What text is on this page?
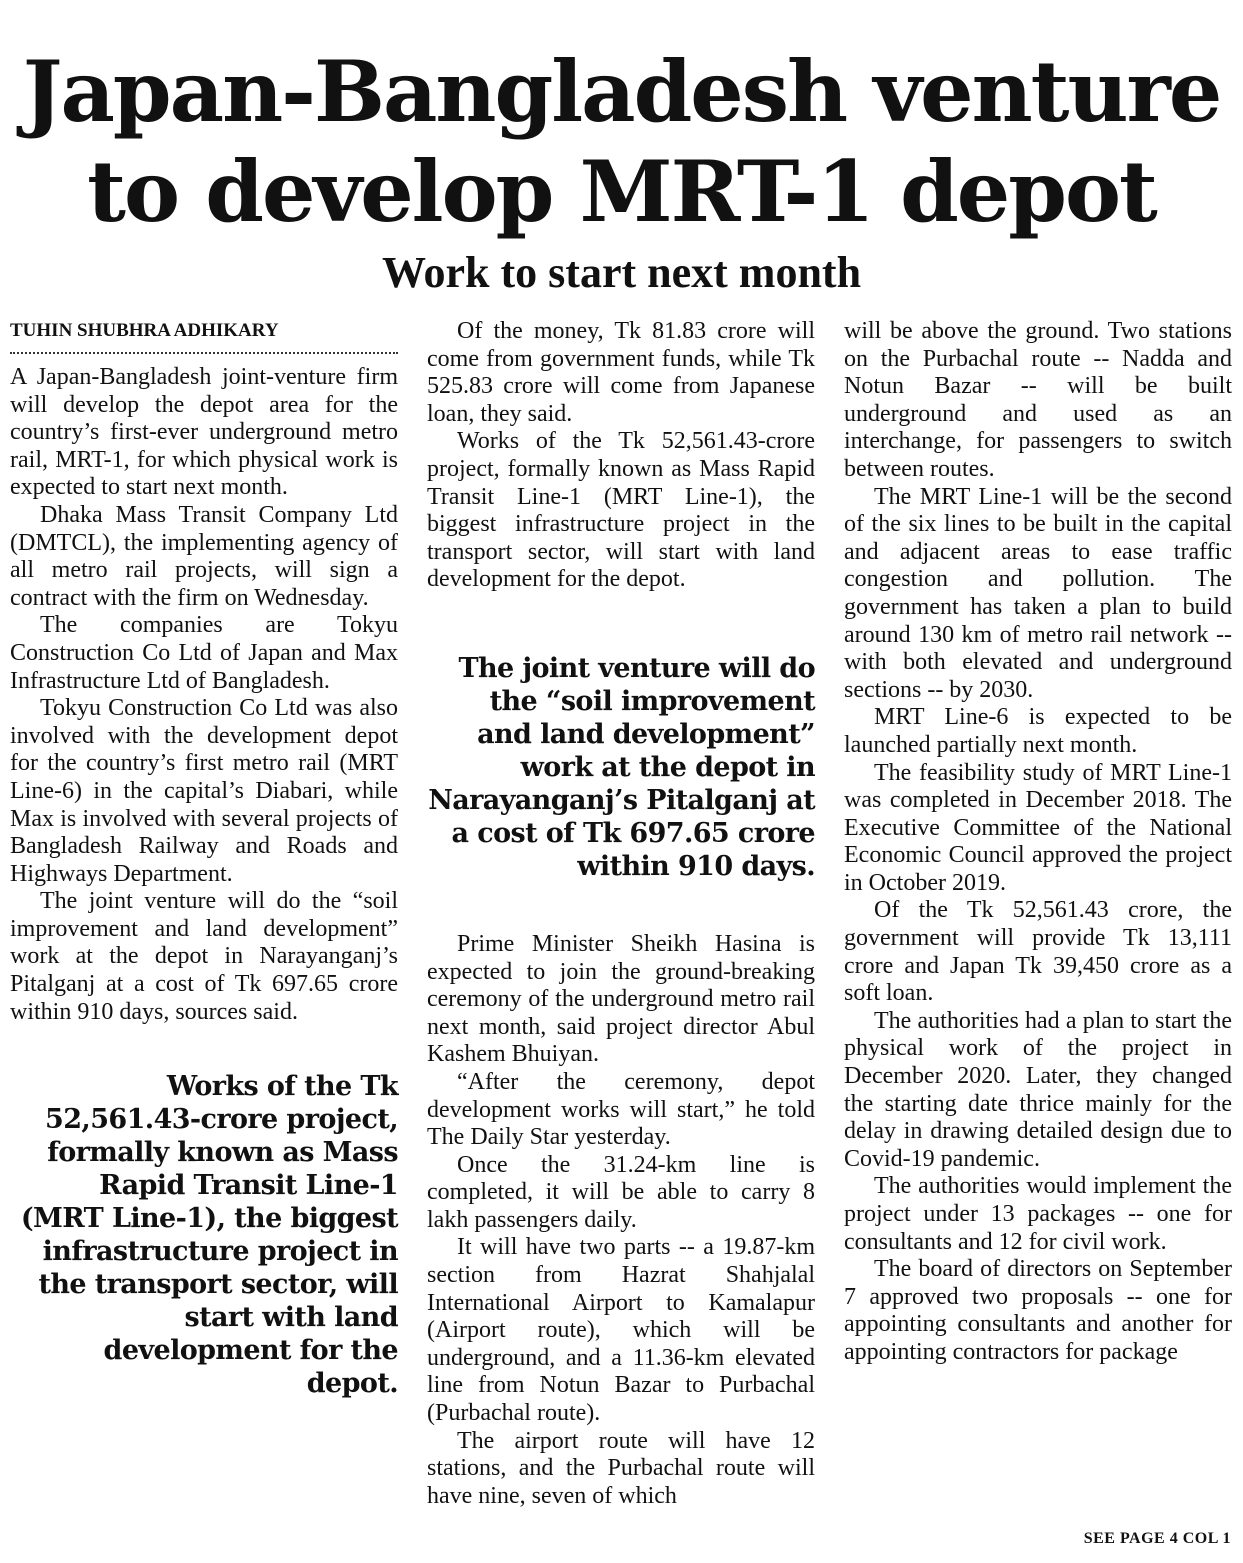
Japan-Bangladesh venture
to develop MRT-1 depot
Work to start next month
TUHIN SHUBHRA ADHIKARY

A Japan-Bangladesh joint-venture firm will develop the depot area for the country’s first-ever underground metro rail, MRT-1, for which physical work is expected to start next month.

Dhaka Mass Transit Company Ltd (DMTCL), the implementing agency of all metro rail projects, will sign a contract with the firm on Wednesday.

The companies are Tokyu Construction Co Ltd of Japan and Max Infrastructure Ltd of Bangladesh.

Tokyu Construction Co Ltd was also involved with the development depot for the country’s first metro rail (MRT Line-6) in the capital’s Diabari, while Max is involved with several projects of Bangladesh Railway and Roads and Highways Department.

The joint venture will do the “soil improvement and land development” work at the depot in Narayanganj’s Pitalganj at a cost of Tk 697.65 crore within 910 days, sources said.

Works of the Tk 52,561.43-crore project, formally known as Mass Rapid Transit Line-1 (MRT Line-1), the biggest infrastructure project in the transport sector, will start with land development for the depot.

Of the money, Tk 81.83 crore will come from government funds, while Tk 525.83 crore will come from Japanese loan, they said.

Works of the Tk 52,561.43-crore project, formally known as Mass Rapid Transit Line-1 (MRT Line-1), the biggest infrastructure project in the transport sector, will start with land development for the depot.

The joint venture will do the “soil improvement and land development” work at the depot in Narayanganj’s Pitalganj at a cost of Tk 697.65 crore within 910 days.

Prime Minister Sheikh Hasina is expected to join the ground-breaking ceremony of the underground metro rail next month, said project director Abul Kashem Bhuiyan.

“After the ceremony, depot development works will start,” he told The Daily Star yesterday.

Once the 31.24-km line is completed, it will be able to carry 8 lakh passengers daily.

It will have two parts -- a 19.87-km section from Hazrat Shahjalal International Airport to Kamalapur (Airport route), which will be underground, and a 11.36-km elevated line from Notun Bazar to Purbachal (Purbachal route).

The airport route will have 12 stations, and the Purbachal route will have nine, seven of which

will be above the ground. Two stations on the Purbachal route -- Nadda and Notun Bazar -- will be built underground and used as an interchange, for passengers to switch between routes.

The MRT Line-1 will be the second of the six lines to be built in the capital and adjacent areas to ease traffic congestion and pollution. The government has taken a plan to build around 130 km of metro rail network -- with both elevated and underground sections -- by 2030.

MRT Line-6 is expected to be launched partially next month.

The feasibility study of MRT Line-1 was completed in December 2018. The Executive Committee of the National Economic Council approved the project in October 2019.

Of the Tk 52,561.43 crore, the government will provide Tk 13,111 crore and Japan Tk 39,450 crore as a soft loan.

The authorities had a plan to start the physical work of the project in December 2020. Later, they changed the starting date thrice mainly for the delay in drawing detailed design due to Covid-19 pandemic.

The authorities would implement the project under 13 packages -- one for consultants and 12 for civil work.

The board of directors on September 7 approved two proposals -- one for appointing consultants and another for appointing contractors for package

SEE PAGE 4 COL 1
